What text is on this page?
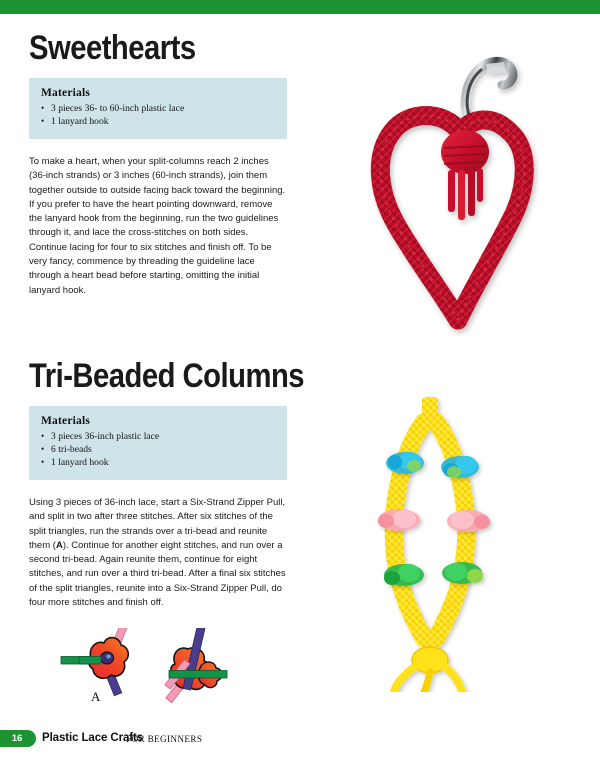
Sweethearts

Materials

• 3 pieces 36- to 60-inch plastic lace
• 1 lanyard hook

To make a heart, when your split-columns reach 2 inches (36-inch strands) or 3 inches (60-inch strands), join them together outside to outside facing back toward the beginning. If you prefer to have the heart pointing downward, remove the lanyard hook from the beginning, run the two guidelines through it, and lace the cross-stitches on both sides. Continue lacing for four to six stitches and finish off. To be very fancy, commence by threading the guideline lace through a heart bead before starting, omitting the initial lanyard hook.

Tri-Beaded Columns

Materials

• 3 pieces 36-inch plastic lace
• 6 tri-beads
• 1 lanyard hook

Using 3 pieces of 36-inch lace, start a Six-Strand Zipper Pull, and split in two after three stitches. After six stitches of the split triangles, run the strands over a tri-bead and reunite them (A). Continue for another eight stitches, and run over a second tri-bead. Again reunite them, continue for eight stitches, and run over a third tri-bead. After a final six stitches of the split triangles, reunite into a Six-Strand Zipper Pull, do four more stitches and finish off.

A
16	Plastic Lace Crafts
FOR BEGINNERS
